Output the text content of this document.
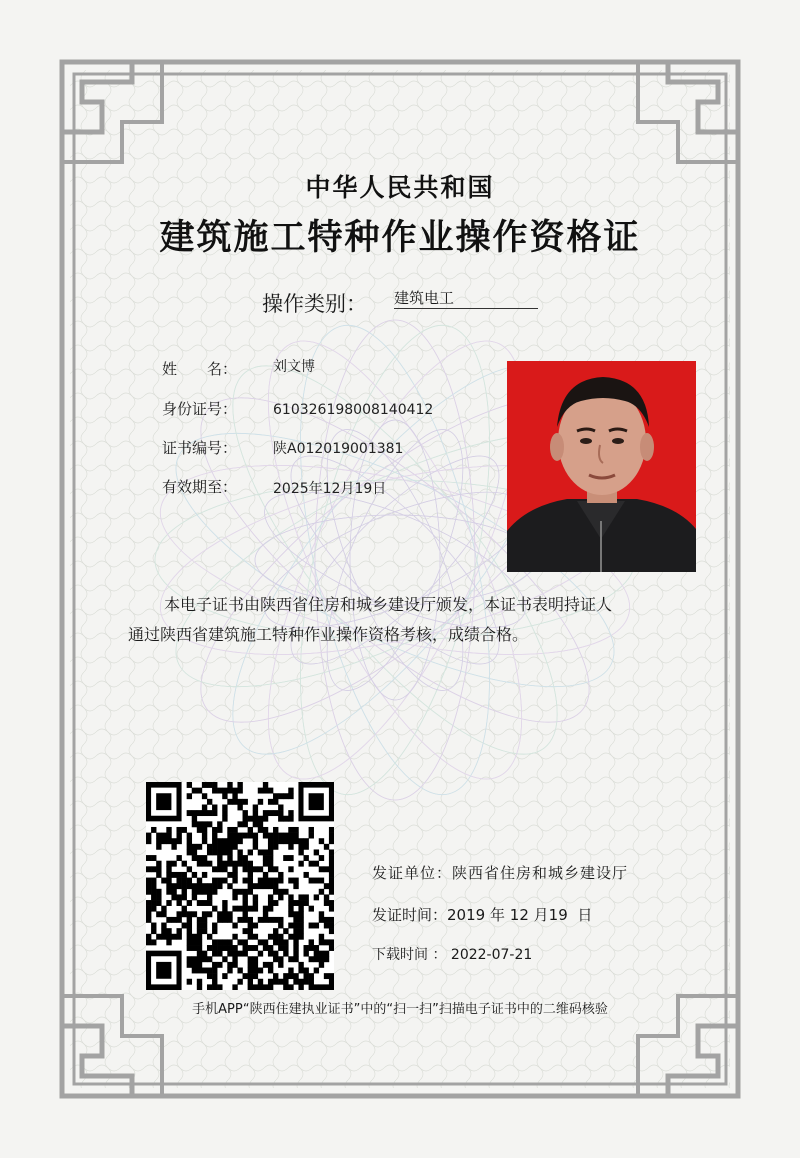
中华人民共和国
建筑施工特种作业操作资格证
操作类别： 建筑电工
姓　　名：	刘文博
身份证号：	610326198008140412
证书编号：	陕A012019001381
有效期至：	2025年12月19日

本电子证书由陕西省住房和城乡建设厅颁发，本证书表明持证人

通过陕西省建筑施工特种作业操作资格考核，成绩合格。

发证单位：陕西省住房和城乡建设厅
发证时间：2019 年 12 月19 日
下载时间 ： 2022-07-21
手机APP“陕西住建执业证书”中的“扫一扫”扫描电子证书中的二维码核验
